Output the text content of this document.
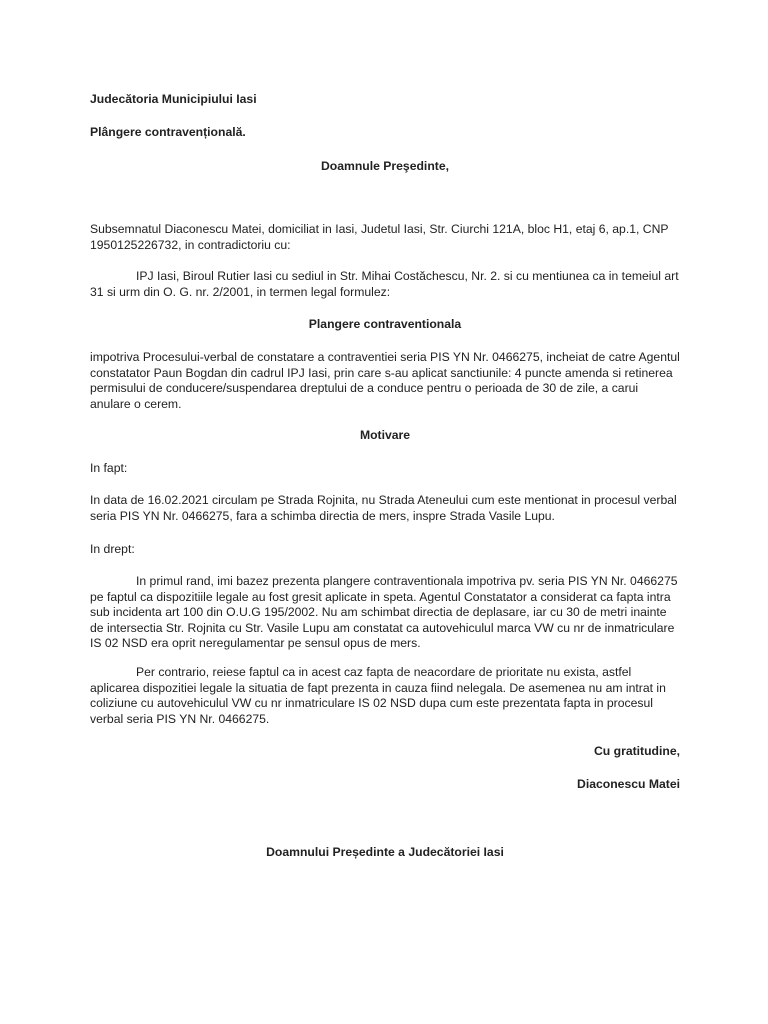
Judecătoria Municipiului Iasi

Plângere contravențională.

Doamnule Preşedinte,

Subsemnatul Diaconescu Matei, domiciliat in Iasi, Judetul Iasi, Str. Ciurchi 121A, bloc H1, etaj 6, ap.1, CNP 1950125226732, in contradictoriu cu:

IPJ Iasi, Biroul Rutier Iasi cu sediul in Str. Mihai Costăchescu, Nr. 2. si cu mentiunea ca in temeiul art 31 si urm din O. G. nr. 2/2001, in termen legal formulez:

Plangere contraventionala

impotriva Procesului-verbal de constatare a contraventiei seria PIS YN Nr. 0466275, incheiat de catre Agentul constatator Paun Bogdan din cadrul IPJ Iasi, prin care s-au aplicat sanctiunile: 4 puncte amenda si retinerea permisului de conducere/suspendarea dreptului de a conduce pentru o perioada de 30 de zile, a carui anulare o cerem.

Motivare

In fapt:

In data de 16.02.2021 circulam pe Strada Rojnita, nu Strada Ateneului cum este mentionat in procesul verbal seria PIS YN Nr. 0466275, fara a schimba directia de mers, inspre Strada Vasile Lupu.

In drept:

In primul rand, imi bazez prezenta plangere contraventionala impotriva pv. seria PIS YN Nr. 0466275 pe faptul ca dispozitiile legale au fost gresit aplicate in speta. Agentul Constatator a considerat ca fapta intra sub incidenta art 100 din O.U.G 195/2002. Nu am schimbat directia de deplasare, iar cu 30 de metri inainte de intersectia Str. Rojnita cu Str. Vasile Lupu am constatat ca autovehiculul marca VW cu nr de inmatriculare IS 02 NSD era oprit neregulamentar pe sensul opus de mers.

Per contrario, reiese faptul ca in acest caz fapta de neacordare de prioritate nu exista, astfel aplicarea dispozitiei legale la situatia de fapt prezenta in cauza fiind nelegala. De asemenea nu am intrat in coliziune cu autovehiculul VW cu nr inmatriculare IS 02 NSD dupa cum este prezentata fapta in procesul verbal seria PIS YN Nr. 0466275.

Cu gratitudine,

Diaconescu Matei

Doamnului Președinte a Judecătoriei Iasi
